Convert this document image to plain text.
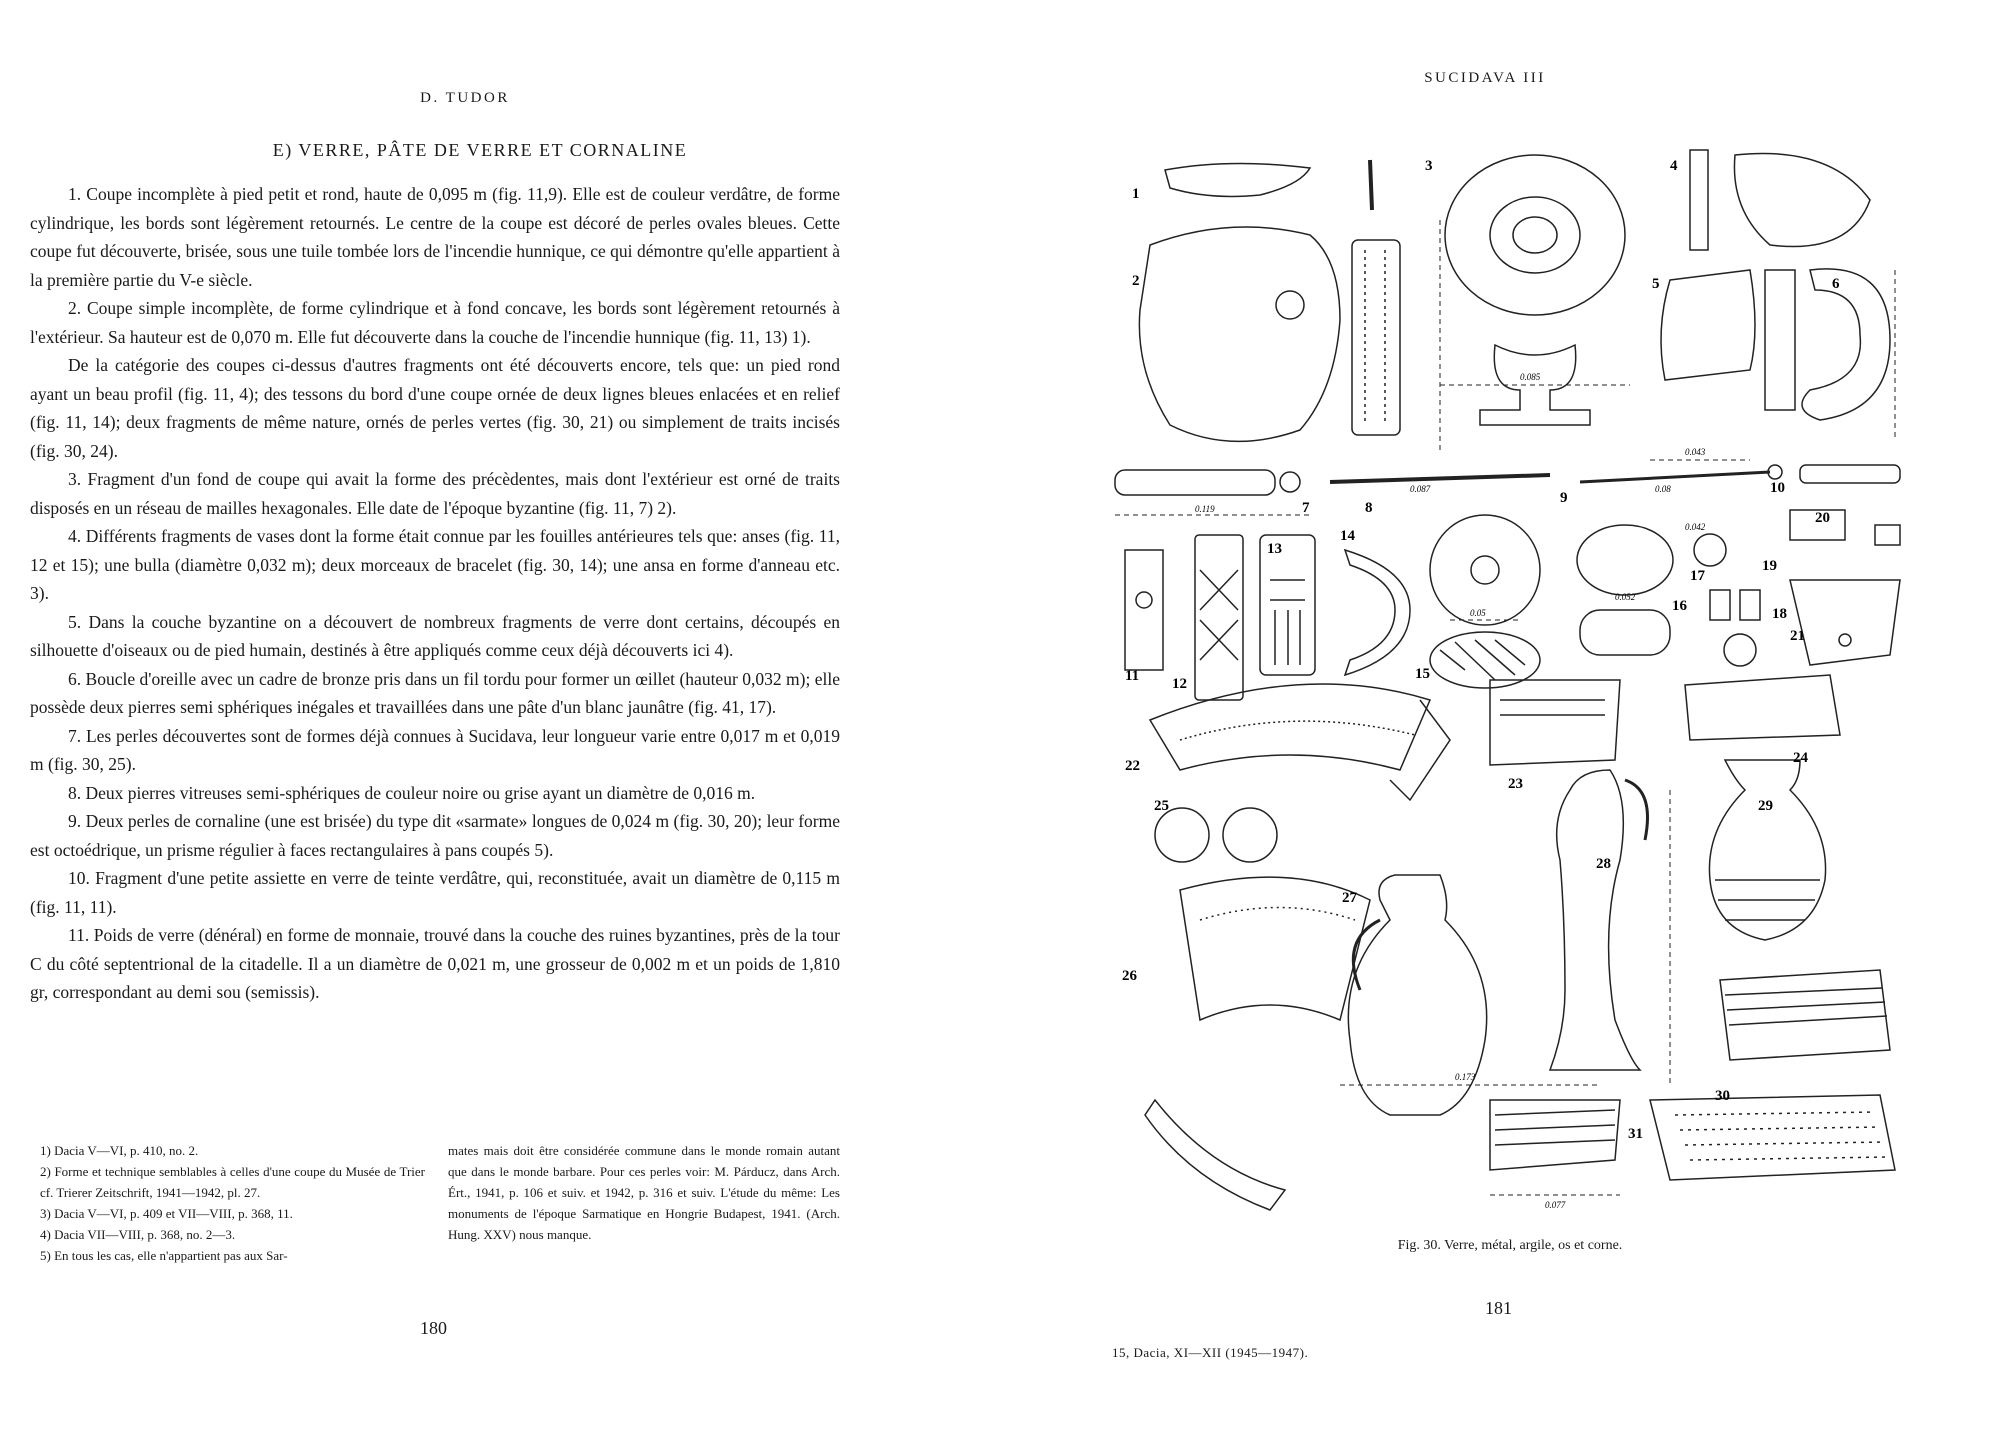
D. TUDOR
E) VERRE, PÂTE DE VERRE ET CORNALINE

1. Coupe incomplète à pied petit et rond, haute de 0,095 m (fig. 11,9). Elle est de couleur verdâtre, de forme cylindrique, les bords sont légèrement retournés. Le centre de la coupe est décoré de perles ovales bleues. Cette coupe fut découverte, brisée, sous une tuile tombée lors de l'incendie hunnique, ce qui démontre qu'elle appartient à la première partie du V-e siècle.

2. Coupe simple incomplète, de forme cylindrique et à fond concave, les bords sont légèrement retournés à l'extérieur. Sa hauteur est de 0,070 m. Elle fut découverte dans la couche de l'incendie hunnique (fig. 11, 13) 1).

De la catégorie des coupes ci-dessus d'autres fragments ont été découverts encore, tels que: un pied rond ayant un beau profil (fig. 11, 4); des tessons du bord d'une coupe ornée de deux lignes bleues enlacées et en relief (fig. 11, 14); deux fragments de même nature, ornés de perles vertes (fig. 30, 21) ou simplement de traits incisés (fig. 30, 24).

3. Fragment d'un fond de coupe qui avait la forme des précèdentes, mais dont l'extérieur est orné de traits disposés en un réseau de mailles hexagonales. Elle date de l'époque byzantine (fig. 11, 7) 2).

4. Différents fragments de vases dont la forme était connue par les fouilles antérieures tels que: anses (fig. 11, 12 et 15); une bulla (diamètre 0,032 m); deux morceaux de bracelet (fig. 30, 14); une ansa en forme d'anneau etc. 3).

5. Dans la couche byzantine on a découvert de nombreux fragments de verre dont certains, découpés en silhouette d'oiseaux ou de pied humain, destinés à être appliqués comme ceux déjà découverts ici 4).

6. Boucle d'oreille avec un cadre de bronze pris dans un fil tordu pour former un œillet (hauteur 0,032 m); elle possède deux pierres semi sphériques inégales et travaillées dans une pâte d'un blanc jaunâtre (fig. 41, 17).

7. Les perles découvertes sont de formes déjà connues à Sucidava, leur longueur varie entre 0,017 m et 0,019 m (fig. 30, 25).

8. Deux pierres vitreuses semi-sphériques de couleur noire ou grise ayant un diamètre de 0,016 m.

9. Deux perles de cornaline (une est brisée) du type dit «sarmate» longues de 0,024 m (fig. 30, 20); leur forme est octoédrique, un prisme régulier à faces rectangulaires à pans coupés 5).

10. Fragment d'une petite assiette en verre de teinte verdâtre, qui, reconstituée, avait un diamètre de 0,115 m (fig. 11, 11).

11. Poids de verre (dénéral) en forme de monnaie, trouvé dans la couche des ruines byzantines, près de la tour C du côté septentrional de la citadelle. Il a un diamètre de 0,021 m, une grosseur de 0,002 m et un poids de 1,810 gr, correspondant au demi sou (semissis).

1) Dacia V—VI, p. 410, no. 2.

2) Forme et technique semblables à celles d'une coupe du Musée de Trier cf. Trierer Zeitschrift, 1941—1942, pl. 27.

3) Dacia V—VI, p. 409 et VII—VIII, p. 368, 11.

4) Dacia VII—VIII, p. 368, no. 2—3.

5) En tous les cas, elle n'appartient pas aux Sar-

mates mais doit être considérée commune dans le monde romain autant que dans le monde barbare. Pour ces perles voir: M. Párducz, dans Arch. Ért., 1941, p. 106 et suiv. et 1942, p. 316 et suiv. L'étude du même: Les monuments de l'époque Sarmatique en Hongrie Budapest, 1941. (Arch. Hung. XXV) nous manque.
180
SUCIDAVA III
1
2
3	4
5	6
7	8
9
10
11 12
13
14
15
16
17
18
19
20
21
22
23
24
25
26
27
28
29
30
31
0.085
0.043
0.119
0.087	0.08
0.042
0.052
0.05
0.173
0.077
Fig. 30. Verre, métal, argile, os et corne.
181
15, Dacia, XI—XII (1945—1947).
